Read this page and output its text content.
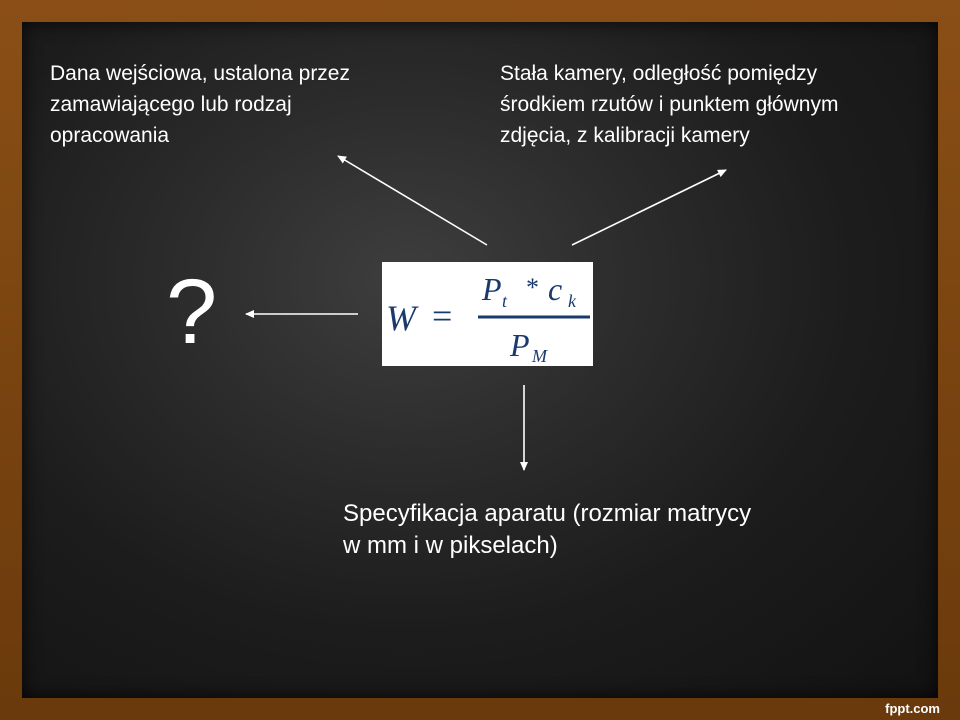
Dana wejściowa, ustalona przez
zamawiającego lub rodzaj
opracowania
Stała kamery, odległość pomiędzy
środkiem rzutów i punktem głównym
zdjęcia, z kalibracji kamery
Specyfikacja aparatu (rozmiar matrycy
w mm i w pikselach)
?	W =
P t * c k
P M
fppt.com
